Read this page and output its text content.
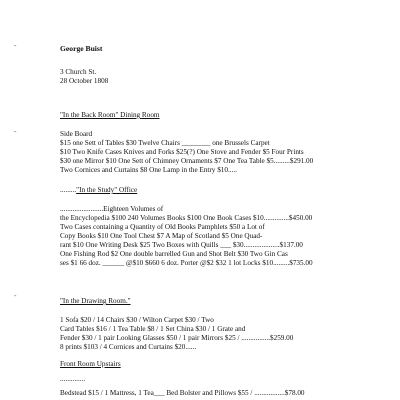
-
-
-
George Buist
3 Church St.
28 October 1808
"In the Back Room" Dining Room
Side Board
$15 one Sett of Tables $30 Twelve Chairs ________ one Brussels Carpet
$10 Two Knife Cases Knives and Forks $25(?) One Stove and Fender $5 Four Prints
$30 one Mirror $10 One Sett of Chimney Ornaments $7 One Tea Table $5.........$291.00
Two Cornices and Curtains $8 One Lamp in the Entry $10.....
........."In the Study" Office
........................Eighteen Volumes of
the Encyclopedia $100 240 Volumes Books $100 One Book Cases $10..............$450.00
Two Cases containing a Quantity of Old Books Pamphlets $50 a Lot of
Copy Books $10 One Tool Chest $7 A Map of Scotland $5 One Quad-
rant $10 One Writing Desk $25 Two Boxes with Quills ___ $30....................$137.00
One Fishing Rod $2 One double barrelled Gun and Shot Belt $30 Two Gin Cas
ses $1 66 doz. ______ @$10 $660 6 doz. Porter @$2 $32 1 lot Locks $10.........$735.00
"In the Drawing Room."
1 Sofa $20 / 14 Chairs $30 / Wilton Carpet $30 / Two
Card Tables $16 / 1 Tea Table $8 / 1 Set China $30 / 1 Grate and
Fender $30 / 1 pair Looking Glasses $50 / 1 pair Mirrors $25 / ................$259.00
8 prints $103 / 4 Cornices and Curtains $20......
Front Room Upstairs
..............
Bedstead $15 / 1 Mattress, 1 Tea___ Bed Bolster and Pillows $55 / .................$78.00
